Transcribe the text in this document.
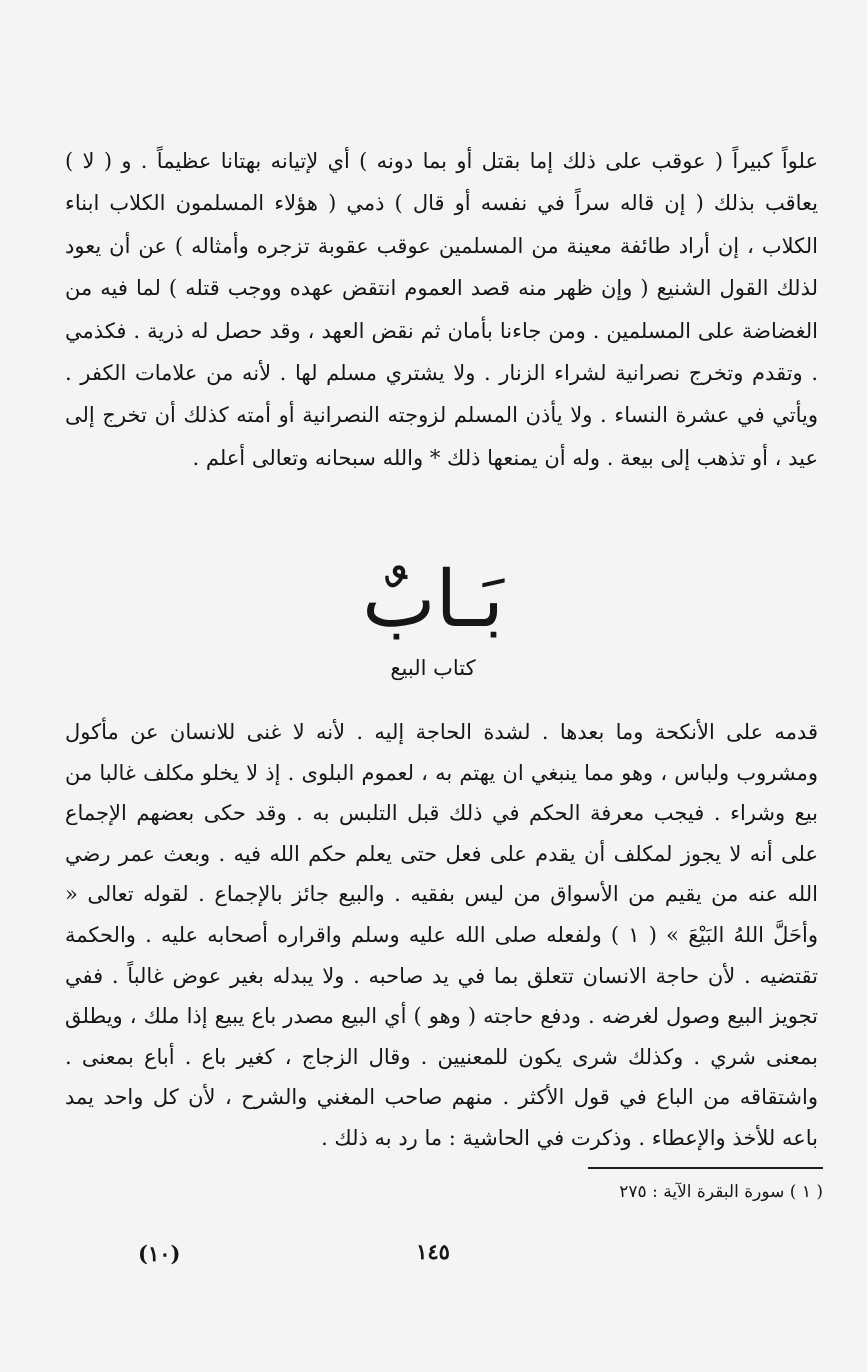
علواً كبيراً ( عوقب على ذلك إما بقتل أو بما دونه ) أي لإتيانه بهتانا عظيماً . و ( لا ) يعاقب بذلك ( إن قاله سراً في نفسه أو قال ) ذمي ( هؤلاء المسلمون الكلاب ابناء الكلاب ، إن أراد طائفة معينة من المسلمين عوقب عقوبة تزجره وأمثاله ) عن أن يعود لذلك القول الشنيع ( وإن ظهر منه قصد العموم انتقض عهده ووجب قتله ) لما فيه من الغضاضة على المسلمين . ومن جاءنا بأمان ثم نقض العهد ، وقد حصل له ذرية . فكذمي . وتقدم وتخرج نصرانية لشراء الزنار . ولا يشتري مسلم لها . لأنه من علامات الكفر . ويأتي في عشرة النساء . ولا يأذن المسلم لزوجته النصرانية أو أمته كذلك أن تخرج إلى عيد ، أو تذهب إلى بيعة . وله أن يمنعها ذلك * والله سبحانه وتعالى أعلم .

بَـابٌ
كتاب البيع

قدمه على الأنكحة وما بعدها . لشدة الحاجة إليه . لأنه لا غنى للانسان عن مأكول ومشروب ولباس ، وهو مما ينبغي ان يهتم به ، لعموم البلوى . إذ لا يخلو مكلف غالبا من بيع وشراء . فيجب معرفة الحكم في ذلك قبل التلبس به . وقد حكى بعضهم الإجماع على أنه لا يجوز لمكلف أن يقدم على فعل حتى يعلم حكم الله فيه . وبعث عمر رضي الله عنه من يقيم من الأسواق من ليس بفقيه . والبيع جائز بالإجماع . لقوله تعالى « وأحَلَّ اللهُ البَيْعَ » ( ١ ) ولفعله صلى الله عليه وسلم واقراره أصحابه عليه . والحكمة تقتضيه . لأن حاجة الانسان تتعلق بما في يد صاحبه . ولا يبدله بغير عوض غالباً . ففي تجويز البيع وصول لغرضه . ودفع حاجته ( وهو ) أي البيع مصدر باع يبيع إذا ملك ، ويطلق بمعنى شري . وكذلك شرى يكون للمعنيين . وقال الزجاج ، كغير باع . أباع بمعنى . واشتقاقه من الباع في قول الأكثر . منهم صاحب المغني والشرح ، لأن كل واحد يمد باعه للأخذ والإعطاء . وذكرت في الحاشية : ما رد به ذلك .

( ١ ) سورة البقرة الآية : ٢٧٥
(١٠)	١٤٥
